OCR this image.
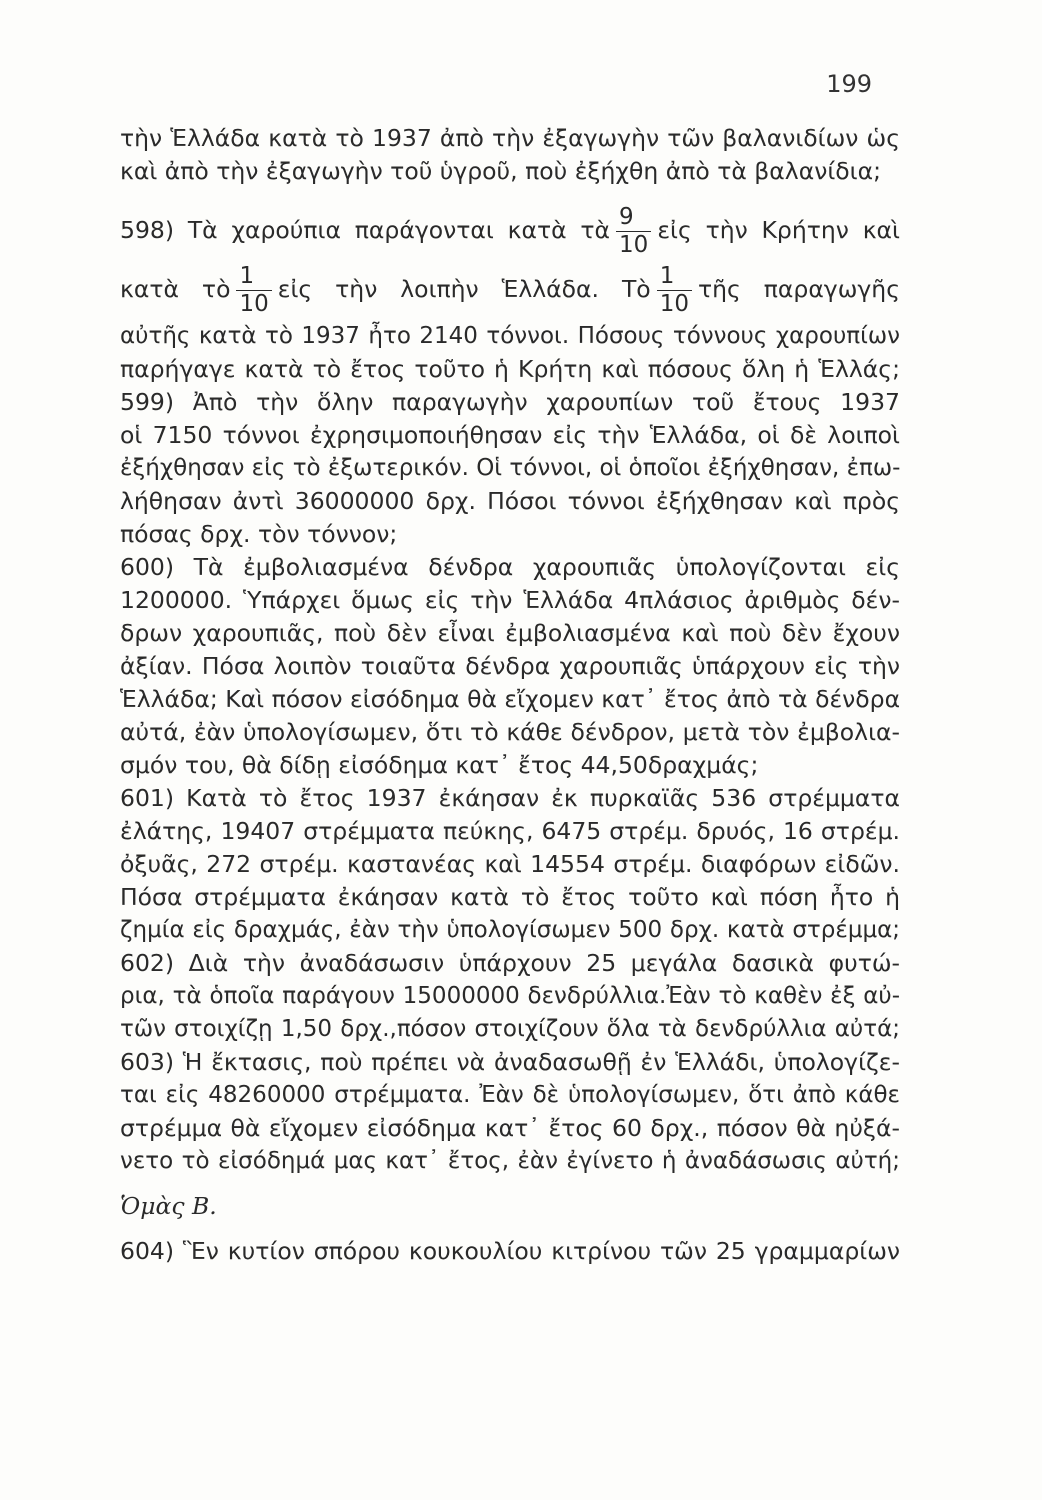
199
τὴν Ἑλλάδα κατὰ τὸ 1937 ἀπὸ τὴν ἐξαγωγὴν τῶν βαλανιδίων ὡς
καὶ ἀπὸ τὴν ἐξαγωγὴν τοῦ ὑγροῦ, ποὺ ἐξήχθη ἀπὸ τὰ βαλανίδια;
598) Τὰ χαρούπια παράγονται κατὰ τὰ $\frac{9}{10}$ εἰς τὴν Κρήτην καὶ
κατὰ τὸ $\frac{1}{10}$ εἰς τὴν λοιπὴν Ἑλλάδα. Τὸ $\frac{1}{10}$ τῆς παραγωγῆς
αὐτῆς κατὰ τὸ 1937 ἦτο 2140 τόννοι. Πόσους τόννους χαρουπίων
παρήγαγε κατὰ τὸ ἔτος τοῦτο ἡ Κρήτη καὶ πόσους ὅλη ἡ Ἑλλάς;
599) Ἀπὸ τὴν ὅλην παραγωγὴν χαρουπίων τοῦ ἔτους 1937
οἱ 7150 τόννοι ἐχρησιμοποιήθησαν εἰς τὴν Ἑλλάδα, οἱ δὲ λοιποὶ
ἐξήχθησαν εἰς τὸ ἐξωτερικόν. Οἱ τόννοι, οἱ ὁποῖοι ἐξήχθησαν, ἐπω-
λήθησαν ἀντὶ 36000000 δρχ. Πόσοι τόννοι ἐξήχθησαν καὶ πρὸς
πόσας δρχ. τὸν τόννον;
600) Τὰ ἐμβολιασμένα δένδρα χαρουπιᾶς ὑπολογίζονται εἰς
1200000. Ὑπάρχει ὅμως εἰς τὴν Ἑλλάδα 4πλάσιος ἀριθμὸς δέν-
δρων χαρουπιᾶς, ποὺ δὲν εἶναι ἐμβολιασμένα καὶ ποὺ δὲν ἔχουν
ἀξίαν. Πόσα λοιπὸν τοιαῦτα δένδρα χαρουπιᾶς ὑπάρχουν εἰς τὴν
Ἑλλάδα; Καὶ πόσον εἰσόδημα θὰ εἴχομεν κατ᾿ ἔτος ἀπὸ τὰ δένδρα
αὐτά, ἐὰν ὑπολογίσωμεν, ὅτι τὸ κάθε δένδρον, μετὰ τὸν ἐμβολια-
σμόν του, θὰ δίδῃ εἰσόδημα κατ᾿ ἔτος 44,50δραχμάς;
601) Κατὰ τὸ ἔτος 1937 ἐκάησαν ἐκ πυρκαϊᾶς 536 στρέμματα
ἐλάτης, 19407 στρέμματα πεύκης, 6475 στρέμ. δρυός, 16 στρέμ.
ὀξυᾶς, 272 στρέμ. καστανέας καὶ 14554 στρέμ. διαφόρων εἰδῶν.
Πόσα στρέμματα ἐκάησαν κατὰ τὸ ἔτος τοῦτο καὶ πόση ἦτο ἡ
ζημία εἰς δραχμάς, ἐὰν τὴν ὑπολογίσωμεν 500 δρχ. κατὰ στρέμμα;
602) Διὰ τὴν ἀναδάσωσιν ὑπάρχουν 25 μεγάλα δασικὰ φυτώ-
ρια, τὰ ὁποῖα παράγουν 15000000 δενδρύλλια.Ἐὰν τὸ καθὲν ἐξ αὐ-
τῶν στοιχίζῃ 1,50 δρχ.,πόσον στοιχίζουν ὅλα τὰ δενδρύλλια αὐτά;
603) Ἡ ἔκτασις, ποὺ πρέπει νὰ ἀναδασωθῇ ἐν Ἑλλάδι, ὑπολογίζε-
ται εἰς 48260000 στρέμματα. Ἐὰν δὲ ὑπολογίσωμεν, ὅτι ἀπὸ κάθε
στρέμμα θὰ εἴχομεν εἰσόδημα κατ᾿ ἔτος 60 δρχ., πόσον θὰ ηὐξά-
νετο τὸ εἰσόδημά μας κατ᾿ ἔτος, ἐὰν ἐγίνετο ἡ ἀναδάσωσις αὐτή;
Ὁμὰς Β.
604) Ἓν κυτίον σπόρου κουκουλίου κιτρίνου τῶν 25 γραμμαρίων
